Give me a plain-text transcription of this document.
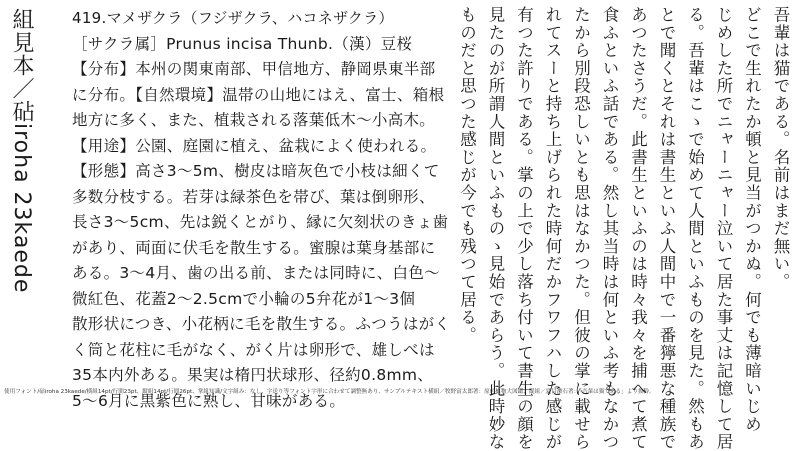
組見本／砧iroha 23kaede
419.マメザクラ（フジザクラ、ハコネザクラ）
［サクラ属］Prunus incisa Thunb.（漢）豆桜
【分布】本州の関東南部、甲信地方、静岡県東半部
に分布。【自然環境】温帯の山地にはえ、富士、箱根
地方に多く、また、植栽される落葉低木～小高木。
【用途】公園、庭園に植え、盆栽によく使われる。
【形態】高さ3～5m、樹皮は暗灰色で小枝は細くて
多数分枝する。若芽は緑茶色を帯び、葉は倒卵形、
長さ3～5cm、先は鋭くとがり、縁に欠刻状のきょ歯
があり、両面に伏毛を散生する。蜜腺は葉身基部に
ある。3～4月、歯の出る前、または同時に、白色～
微紅色、花蓋2～2.5cmで小輪の5弁花が1～3個
散形状につき、小花柄に毛を散生する。ふつうはがく
く筒と花柱に毛がなく、がく片は卵形で、雄しべは
35本内外ある。果実は楕円状球形、径約0.8mm、
5～6月に黒紫色に熟し、甘味がある。
吾輩は猫である。名前はまだ無い。
どこで生れたか頓と見当がつかぬ。何でも薄暗いじめ
じめした所でニャーニャー泣いて居た事丈は記憶して居
る。吾輩はこゝで始めて人間といふものを見た。然もあ
とで聞くとそれは書生といふ人間中で一番獰悪な種族で
あつたさうだ。此書生といふのは時々我々を捕へて煮て
食ふといふ話である。然し其当時は何といふ考もなかつ
たから別段恐しいとも思はなかつた。但彼の掌に載せら
れてスーと持ち上げられた時何だかフワフハした感じが
有つた許りである。掌の上で少し落ち付いて書生の顔を
見たのが所謂人間といふものゝ見始であらう。此時妙な
ものだと思つた感じが今でも残つて居る。
使用フォント/砧iroha 23kaede/横組14pt/行間23pt、縦組14pt/行間26pt、掌組知識/文字組み：なし、字送り等フォント字形に合わせて調整無あり、サンプルテキスト横組／牧野富太郎著：原色植物大図鑑、縦組／夏目漱石著：「吾輩は猫である」より抜粋。
